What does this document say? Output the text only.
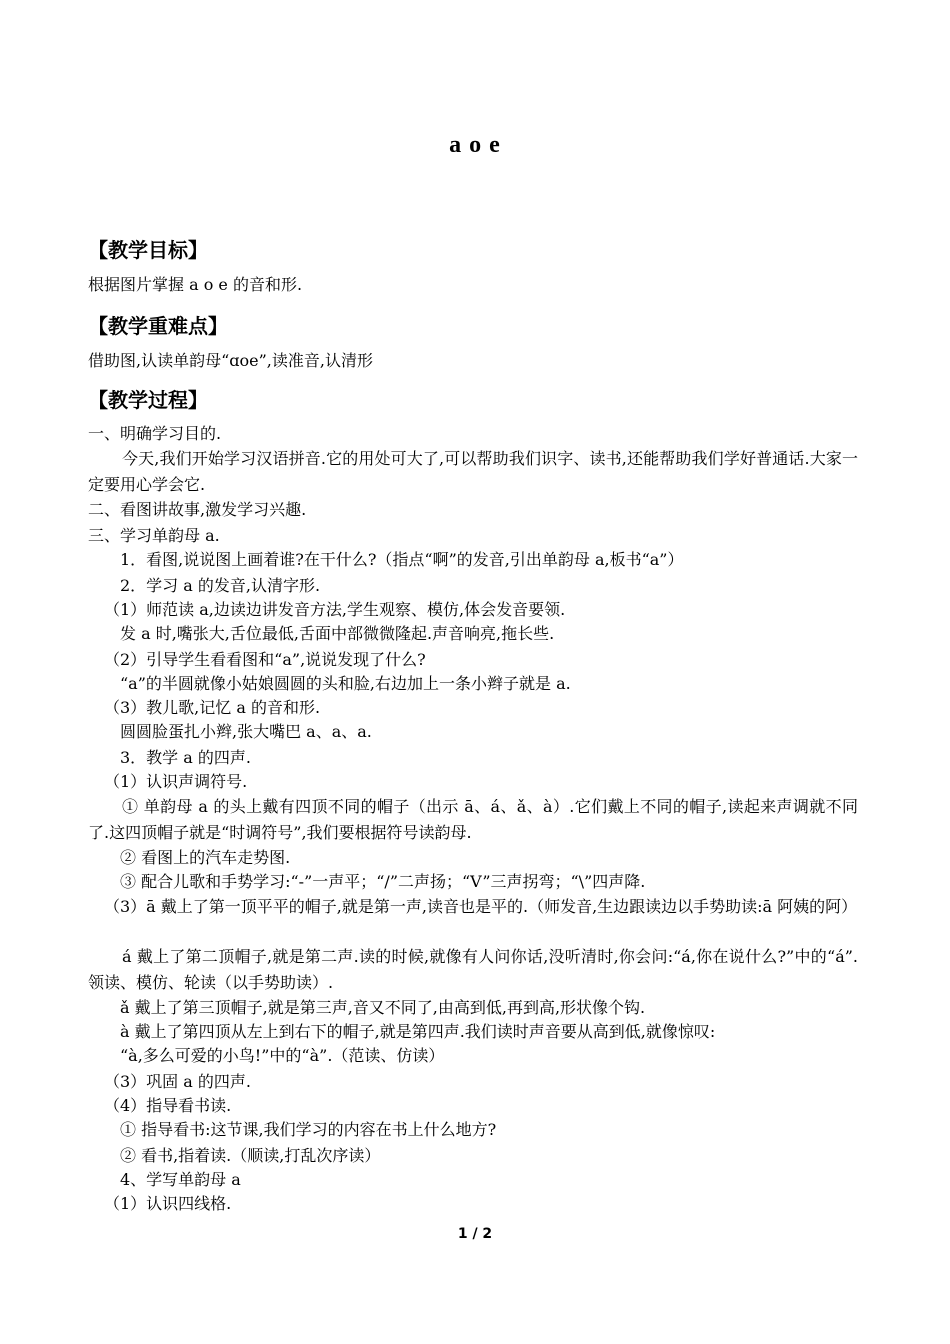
a o e
【教学目标】
根据图片掌握 a o e 的音和形.
【教学重难点】
借助图,认读单韵母“ɑoe”,读准音,认清形
【教学过程】
一、明确学习目的.
今天,我们开始学习汉语拼音.它的用处可大了,可以帮助我们识字、读书,还能帮助我们学好普通话.大家一定要用心学会它.
二、看图讲故事,激发学习兴趣.
三、学习单韵母 a.
1．看图,说说图上画着谁?在干什么?（指点“啊”的发音,引出单韵母 a,板书“a”）
2．学习 a 的发音,认清字形.
（1）师范读 a,边读边讲发音方法,学生观察、模仿,体会发音要领.
发 a 时,嘴张大,舌位最低,舌面中部微微隆起.声音响亮,拖长些.
（2）引导学生看看图和“a”,说说发现了什么?
“a”的半圆就像小姑娘圆圆的头和脸,右边加上一条小辫子就是 a.
（3）教儿歌,记忆 a 的音和形.
圆圆脸蛋扎小辫,张大嘴巴 a、a、a.
3．教学 a 的四声.
（1）认识声调符号.
① 单韵母 a 的头上戴有四顶不同的帽子（出示 ā、á、ǎ、à）.它们戴上不同的帽子,读起来声调就不同了.这四顶帽子就是“时调符号”,我们要根据符号读韵母.
② 看图上的汽车走势图.
③ 配合儿歌和手势学习:“-”一声平；“/”二声扬；“V”三声拐弯；“\”四声降.
（3）ā 戴上了第一顶平平的帽子,就是第一声,读音也是平的.（师发音,生边跟读边以手势助读:ā 阿姨的阿）
á 戴上了第二顶帽子,就是第二声.读的时候,就像有人问你话,没听清时,你会问:“á,你在说什么?”中的“á”.领读、模仿、轮读（以手势助读）.
ǎ 戴上了第三顶帽子,就是第三声,音又不同了,由高到低,再到高,形状像个钩.
à 戴上了第四顶从左上到右下的帽子,就是第四声.我们读时声音要从高到低,就像惊叹:
“à,多么可爱的小鸟!”中的“à”.（范读、仿读）
（3）巩固 a 的四声.
（4）指导看书读.
① 指导看书:这节课,我们学习的内容在书上什么地方?
② 看书,指着读.（顺读,打乱次序读）
4、学写单韵母 a
（1）认识四线格.
1 / 2
